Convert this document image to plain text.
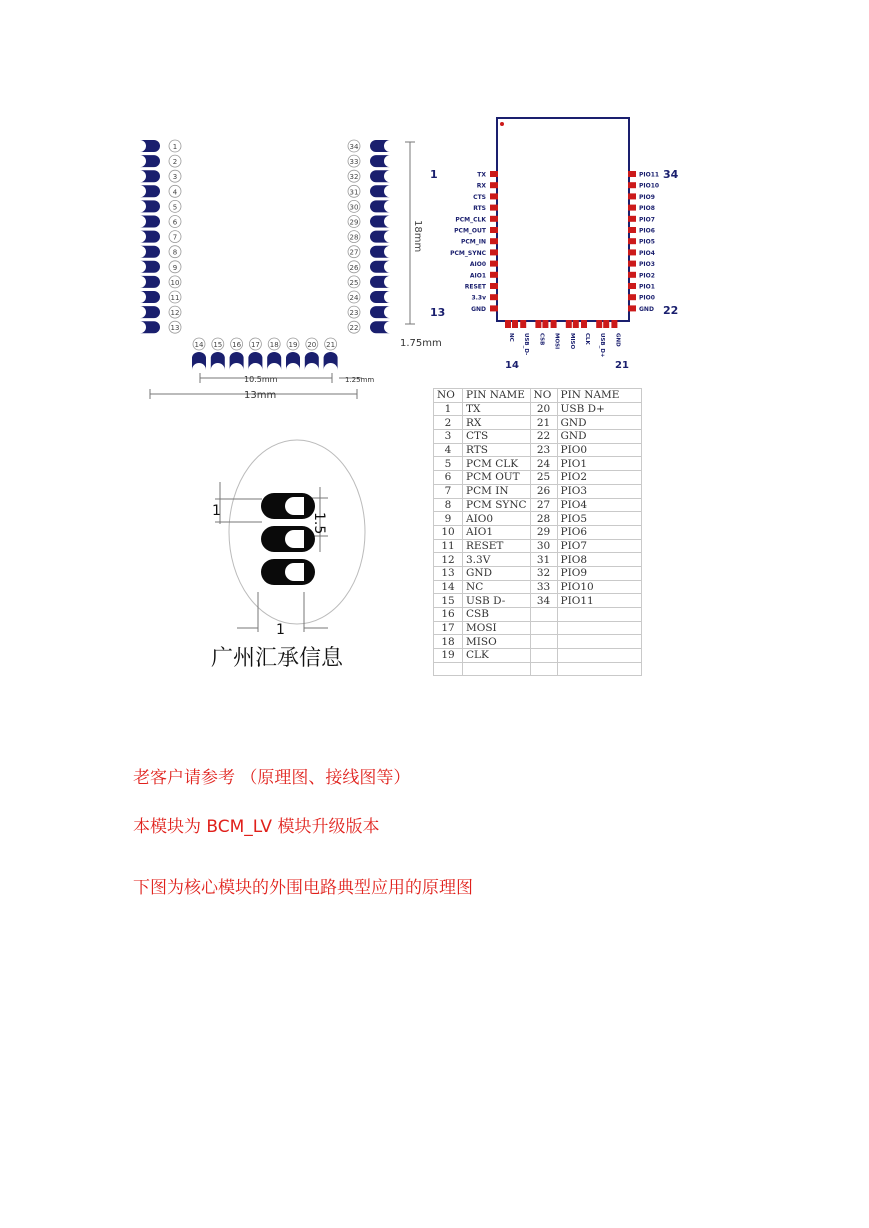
18mm
1.75mm
10.5mm	1.25mm
13mm
1
13
34
22
14	21
1
1.5
1
1
2
3
4
5
6
7
8
9
10
11
12
13
34
33
32
31
30
29
28
27
26
25
24
23
22
14 15 16 17 18 19 20 21
TX
RX
CTS
RTS
PCM_CLK
PCM_OUT
PCM_IN
PCM_SYNC
AIO0
AIO1
RESET
3.3v
GND
PIO11
PIO10
PIO9
PIO8
PIO7
PIO6
PIO5
PIO4
PIO3
PIO2
PIO1
PIO0
GND
NC USB_D- CSB MOSI MISO CLK USB_D+ GND
广州汇承信息
NO	PIN NAME	NO	PIN NAME
1	TX	20	USB D+
2	RX	21	GND
3	CTS	22	GND
4	RTS	23	PIO0
5	PCM CLK	24	PIO1
6	PCM OUT	25	PIO2
7	PCM IN	26	PIO3
8	PCM SYNC	27	PIO4
9	AIO0	28	PIO5
10	AIO1	29	PIO6
11	RESET	30	PIO7
12	3.3V	31	PIO8
13	GND	32	PIO9
14	NC	33	PIO10
15	USB D-	34	PIO11
16	CSB		
17	MOSI		
18	MISO		
19	CLK		

老客户请参考 （原理图、接线图等）
本模块为 BCM_LV 模块升级版本
下图为核心模块的外围电路典型应用的原理图
